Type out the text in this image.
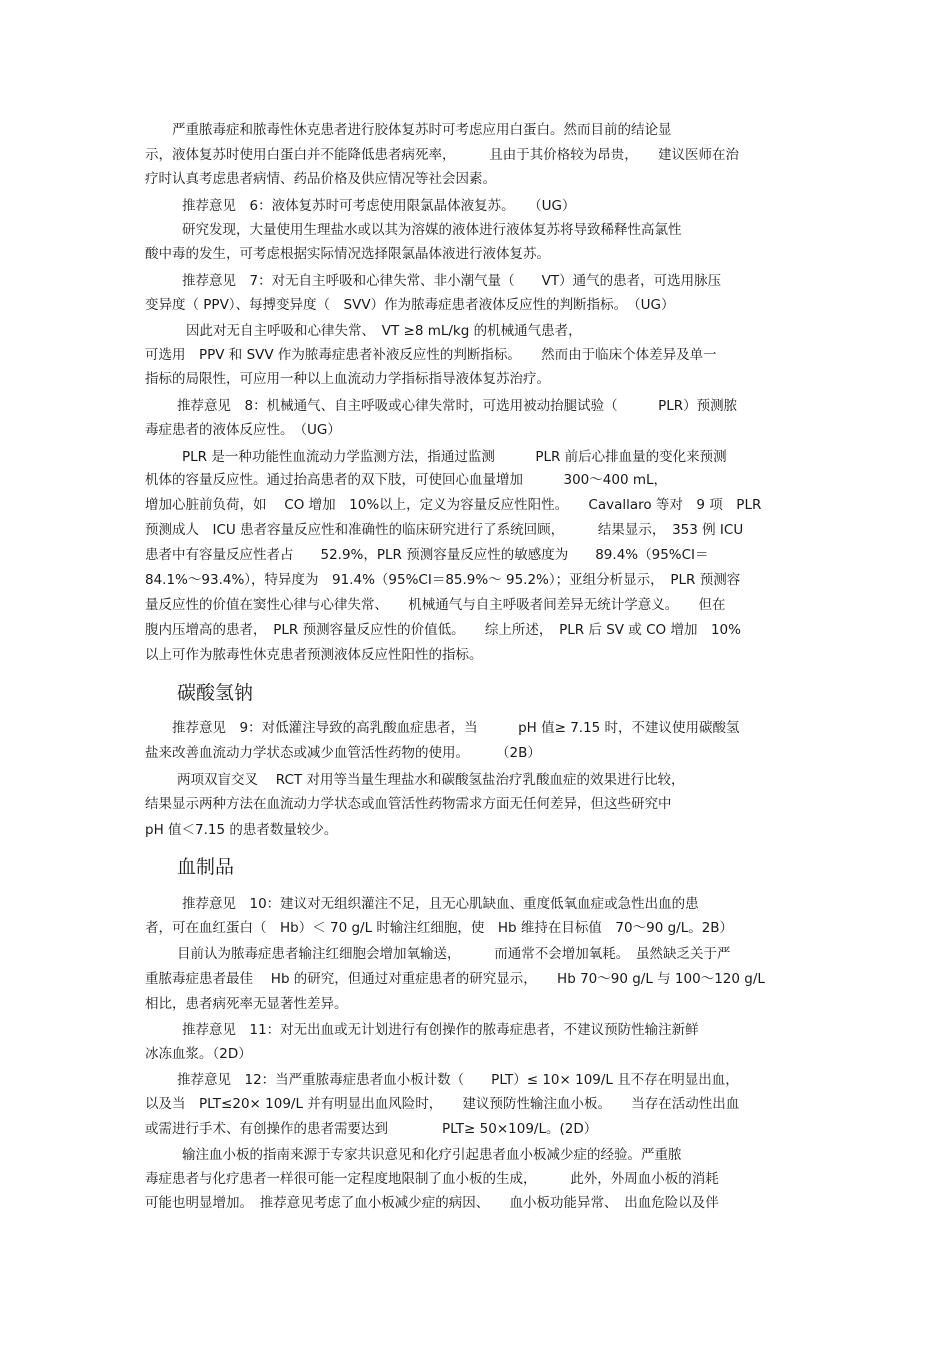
严重脓毒症和脓毒性休克患者进行胶体复苏时可考虑应用白蛋白。然而目前的结论显

示，液体复苏时使用白蛋白并不能降低患者病死率，　　　且由于其价格较为昂贵，　　建议医师在治

疗时认真考虑患者病情、药品价格及供应情况等社会因素。

推荐意见　6：液体复苏时可考虑使用限氯晶体液复苏。　　（UG）

研究发现，大量使用生理盐水或以其为溶媒的液体进行液体复苏将导致稀释性高氯性

酸中毒的发生，可考虑根据实际情况选择限氯晶体液进行液体复苏。

推荐意见　7：对无自主呼吸和心律失常、非小潮气量（　　VT）通气的患者，可选用脉压

变异度（ PPV）、每搏变异度（　SVV）作为脓毒症患者液体反应性的判断指标。　（UG）

因此对无自主呼吸和心律失常、　VT ≥8 mL/kg 的机械通气患者，

可选用　PPV 和 SVV 作为脓毒症患者补液反应性的判断指标。　　然而由于临床个体差异及单一

指标的局限性，可应用一种以上血流动力学指标指导液体复苏治疗。

推荐意见　8：机械通气、自主呼吸或心律失常时，可选用被动抬腿试验（　　　PLR）预测脓

毒症患者的液体反应性。　（UG）

PLR 是一种功能性血流动力学监测方法，指通过监测　　　PLR 前后心排血量的变化来预测

机体的容量反应性。通过抬高患者的双下肢，可使回心血量增加　　　300～400 mL，

增加心脏前负荷，如　 CO 增加　10%以上，定义为容量反应性阳性。　　Cavallaro 等对　9 项　PLR

预测成人　ICU 患者容量反应性和准确性的临床研究进行了系统回顾，　　　结果显示，　353 例 ICU

患者中有容量反应性者占　　52.9%，PLR 预测容量反应性的敏感度为　　89.4%（95%CI＝

84.1%～93.4%），特异度为　91.4%（95%CI＝85.9%～ 95.2%）；亚组分析显示，　PLR 预测容

量反应性的价值在窦性心律与心律失常、　　机械通气与自主呼吸者间差异无统计学意义。　　但在

腹内压增高的患者，　PLR 预测容量反应性的价值低。　　综上所述，　PLR 后 SV 或 CO 增加　10%

以上可作为脓毒性休克患者预测液体反应性阳性的指标。

碳酸氢钠

推荐意见　9：对低灌注导致的高乳酸血症患者，当　　　pH 值≥ 7.15 时，不建议使用碳酸氢

盐来改善血流动力学状态或减少血管活性药物的使用。　　　（2B）

两项双盲交叉　 RCT 对用等当量生理盐水和碳酸氢盐治疗乳酸血症的效果进行比较，

结果显示两种方法在血流动力学状态或血管活性药物需求方面无任何差异，但这些研究中

pH 值＜7.15 的患者数量较少。

血制品

推荐意见　10：建议对无组织灌注不足，且无心肌缺血、重度低氧血症或急性出血的患

者，可在血红蛋白（　Hb）＜ 70 g/L 时输注红细胞，使　Hb 维持在目标值　70～90 g/L。2B）

目前认为脓毒症患者输注红细胞会增加氧输送，　　　而通常不会增加氧耗。　虽然缺乏关于严

重脓毒症患者最佳　 Hb 的研究，但通过对重症患者的研究显示，　　Hb 70～90 g/L 与 100～120 g/L

相比，患者病死率无显著性差异。

推荐意见　11：对无出血或无计划进行有创操作的脓毒症患者，不建议预防性输注新鲜

冰冻血浆。（2D）

推荐意见　12：当严重脓毒症患者血小板计数（　　PLT）≤ 10× 109/L 且不存在明显出血，

以及当　PLT≤20× 109/L 并有明显出血风险时，　　建议预防性输注血小板。　　当存在活动性出血

或需进行手术、有创操作的患者需要达到　　　　PLT≥ 50×109/L。(2D）

输注血小板的指南来源于专家共识意见和化疗引起患者血小板减少症的经验。严重脓

毒症患者与化疗患者一样很可能一定程度地限制了血小板的生成，　　　此外，外周血小板的消耗

可能也明显增加。　推荐意见考虑了血小板减少症的病因、　　血小板功能异常、　出血危险以及伴
